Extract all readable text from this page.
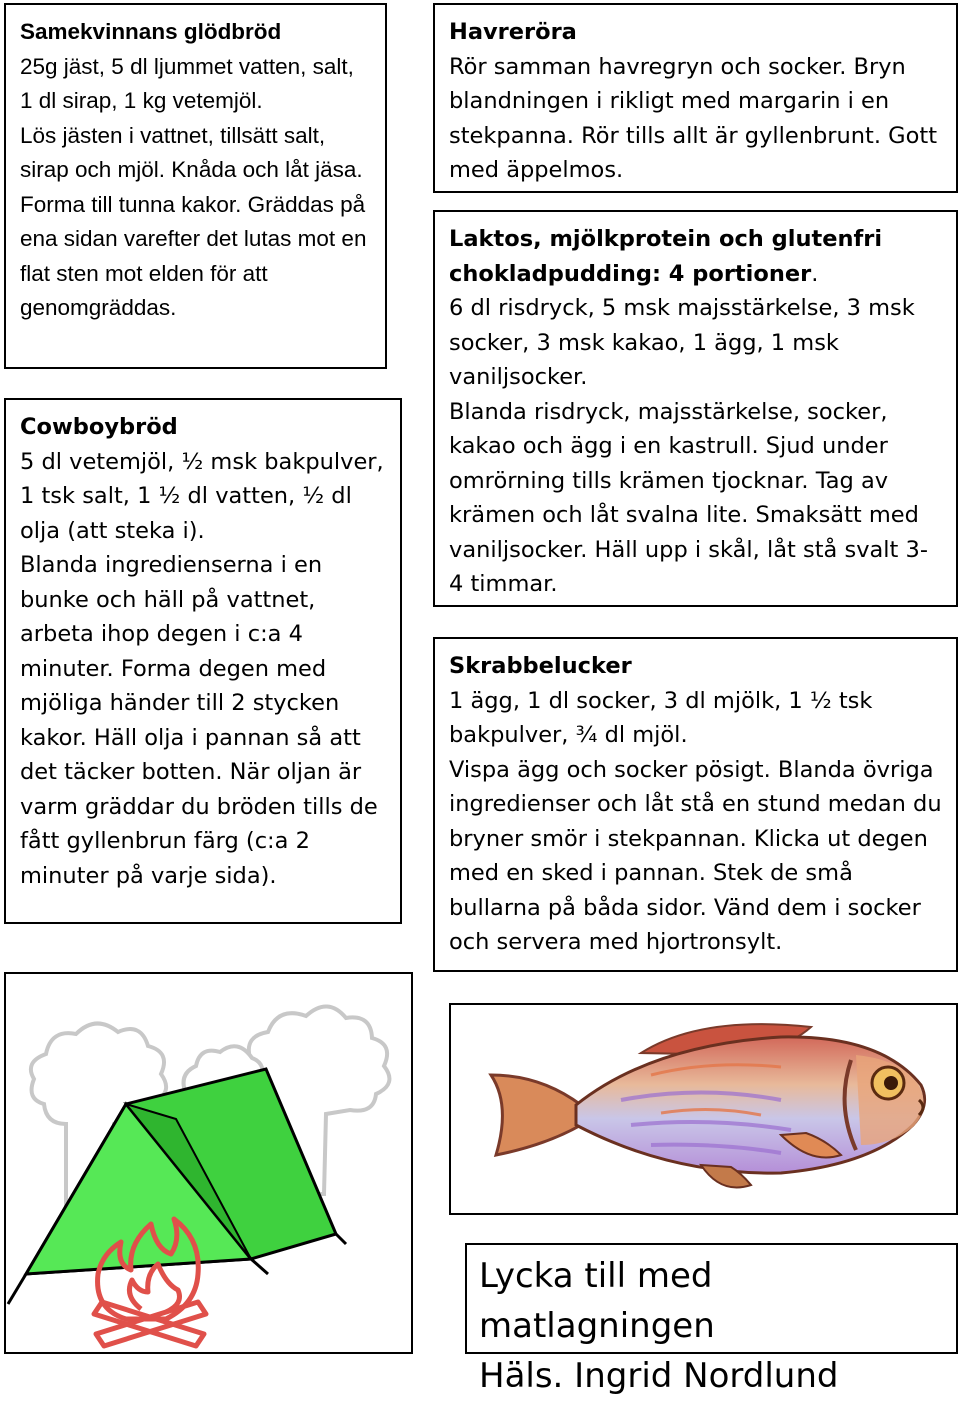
Samekvinnans glödbröd

25g jäst, 5 dl ljummet vatten, salt, 1 dl sirap, 1 kg vetemjöl.

Lös jästen i vattnet, tillsätt salt, sirap och mjöl. Knåda och låt jäsa. Forma till tunna kakor. Gräddas på ena sidan varefter det lutas mot en flat sten mot elden för att genomgräddas.

Cowboybröd

5 dl vetemjöl, ½ msk bakpulver, 1 tsk salt, 1 ½ dl vatten, ½ dl olja (att steka i).

Blanda ingredienserna i en bunke och häll på vattnet, arbeta ihop degen i c:a 4 minuter. Forma degen med mjöliga händer till 2 stycken kakor. Häll olja i pannan så att det täcker botten. När oljan är varm gräddar du bröden tills de fått gyllenbrun färg (c:a 2 minuter på varje sida).

Havreröra

Rör samman havregryn och socker. Bryn blandningen i rikligt med margarin i en stekpanna. Rör tills allt är gyllenbrunt. Gott med äppelmos.

Laktos, mjölkprotein och glutenfri chokladpudding: 4 portioner.

6 dl risdryck, 5 msk majsstärkelse, 3 msk socker, 3 msk kakao, 1 ägg, 1 msk vaniljsocker.

Blanda risdryck, majsstärkelse, socker, kakao och ägg i en kastrull. Sjud under omrörning tills krämen tjocknar. Tag av krämen och låt svalna lite. Smaksätt med vaniljsocker. Häll upp i skål, låt stå svalt 3-4 timmar.

Skrabbelucker

1 ägg, 1 dl socker, 3 dl mjölk, 1 ½ tsk bakpulver, ¾ dl mjöl.

Vispa ägg och socker pösigt. Blanda övriga ingredienser och låt stå en stund medan du bryner smör i stekpannan. Klicka ut degen med en sked i pannan. Stek de små bullarna på båda sidor. Vänd dem i socker och servera med hjortronsylt.

Lycka till med matlagningen
Häls. Ingrid Nordlund
